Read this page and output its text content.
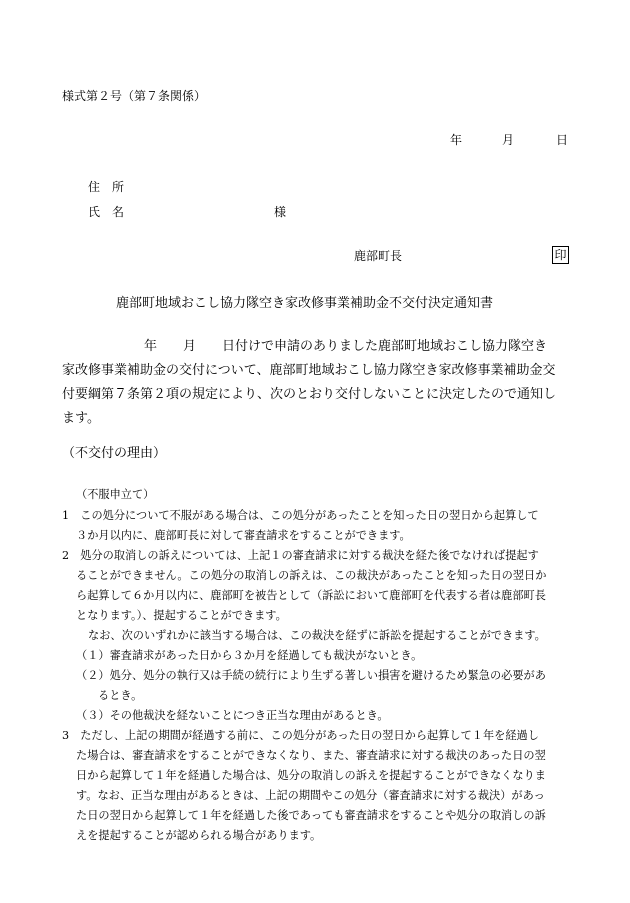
様式第２号（第７条関係）
年	月	日
住　所
氏　名	様
鹿部町長	印
鹿部町地域おこし協力隊空き家改修事業補助金不交付決定通知書
年 月 日付けで申請のありました鹿部町地域おこし協力隊空き
家改修事業補助金の交付について、鹿部町地域おこし協力隊空き家改修事業補助金交
付要綱第７条第２項の規定により、次のとおり交付しないことに決定したので通知し
ます。
（不交付の理由）
（不服申立て）
1　この処分について不服がある場合は、この処分があったことを知った日の翌日から起算して
３か月以内に、鹿部町長に対して審査請求をすることができます。
2　処分の取消しの訴えについては、上記１の審査請求に対する裁決を経た後でなければ提起す
ることができません。この処分の取消しの訴えは、この裁決があったことを知った日の翌日か
ら起算して６か月以内に、鹿部町を被告として（訴訟において鹿部町を代表する者は鹿部町長
となります。）、提起することができます。
なお、次のいずれかに該当する場合は、この裁決を経ずに訴訟を提起することができます。
（１）審査請求があった日から３か月を経過しても裁決がないとき。
（２）処分、処分の執行又は手続の続行により生ずる著しい損害を避けるため緊急の必要があ
るとき。
（３）その他裁決を経ないことにつき正当な理由があるとき。
3　ただし、上記の期間が経過する前に、この処分があった日の翌日から起算して１年を経過し
た場合は、審査請求をすることができなくなり、また、審査請求に対する裁決のあった日の翌
日から起算して１年を経過した場合は、処分の取消しの訴えを提起することができなくなりま
す。なお、正当な理由があるときは、上記の期間やこの処分（審査請求に対する裁決）があっ
た日の翌日から起算して１年を経過した後であっても審査請求をすることや処分の取消しの訴
えを提起することが認められる場合があります。
